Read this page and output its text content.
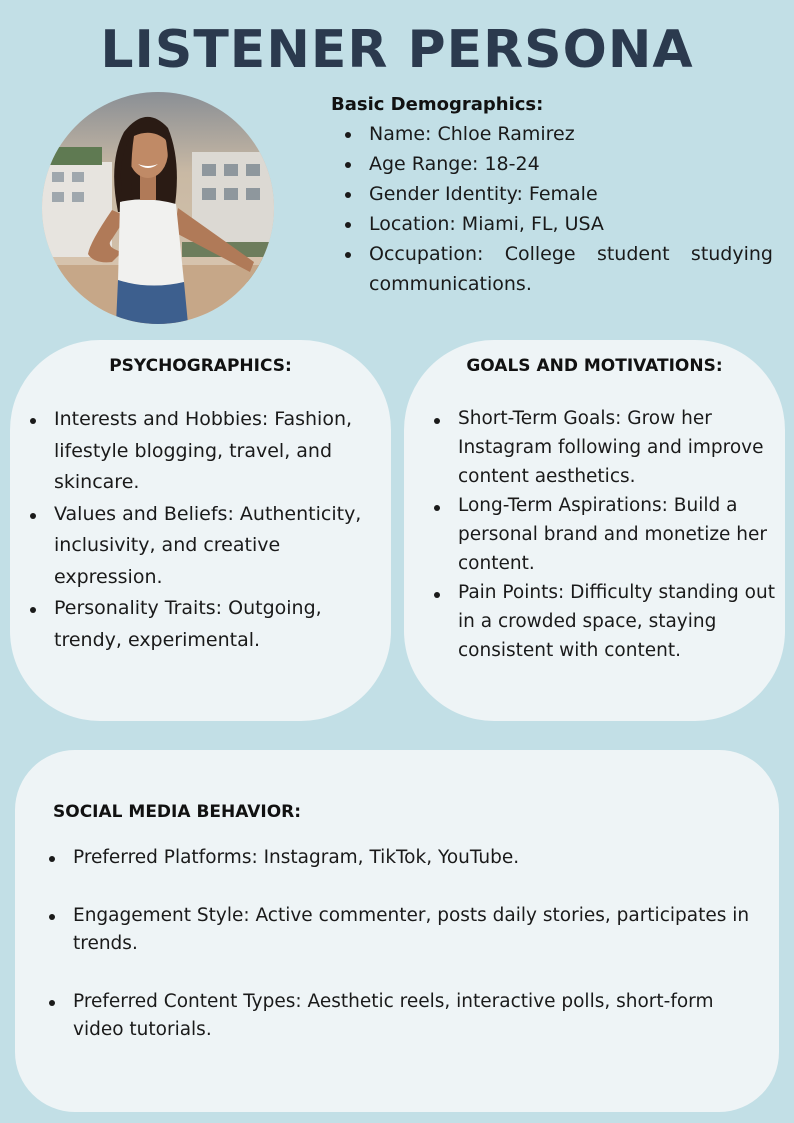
LISTENER PERSONA
Basic Demographics:
Name: Chloe Ramirez
Age Range: 18-24
Gender Identity: Female
Location: Miami, FL, USA
Occupation: College student studying communications.
PSYCHOGRAPHICS:
Interests and Hobbies: Fashion, lifestyle blogging, travel, and skincare.
Values and Beliefs: Authenticity, inclusivity, and creative expression.
Personality Traits: Outgoing, trendy, experimental.
GOALS AND MOTIVATIONS:
Short-Term Goals: Grow her Instagram following and improve content aesthetics.
Long-Term Aspirations: Build a personal brand and monetize her content.
Pain Points: Difficulty standing out in a crowded space, staying consistent with content.
SOCIAL MEDIA BEHAVIOR:
Preferred Platforms: Instagram, TikTok, YouTube.
Engagement Style: Active commenter, posts daily stories, participates in trends.
Preferred Content Types: Aesthetic reels, interactive polls, short-form video tutorials.
